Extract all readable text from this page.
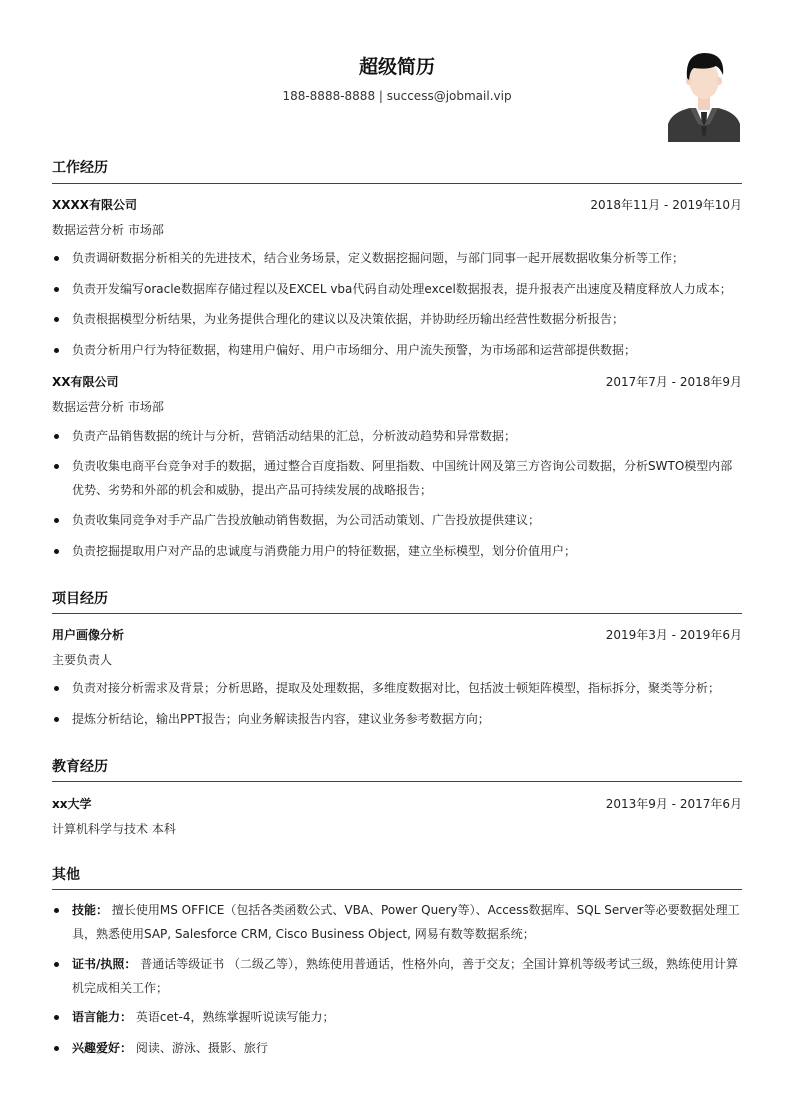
超级简历
188-8888-8888 | success@jobmail.vip
工作经历
XXXX有限公司	2018年11月 - 2019年10月
数据运营分析 市场部
负责调研数据分析相关的先进技术，结合业务场景，定义数据挖掘问题，与部门同事一起开展数据收集分析等工作；
负责开发编写oracle数据库存储过程以及EXCEL vba代码自动处理excel数据报表，提升报表产出速度及精度释放人力成本；
负责根据模型分析结果，为业务提供合理化的建议以及决策依据，并协助经历输出经营性数据分析报告；
负责分析用户行为特征数据，构建用户偏好、用户市场细分、用户流失预警，为市场部和运营部提供数据；
XX有限公司	2017年7月 - 2018年9月
数据运营分析 市场部
负责产品销售数据的统计与分析，营销活动结果的汇总，分析波动趋势和异常数据；
负责收集电商平台竞争对手的数据，通过整合百度指数、阿里指数、中国统计网及第三方咨询公司数据，分析SWTO模型内部优势、劣势和外部的机会和威胁，提出产品可持续发展的战略报告；
负责收集同竞争对手产品广告投放触动销售数据，为公司活动策划、广告投放提供建议；
负责挖掘提取用户对产品的忠诚度与消费能力用户的特征数据，建立坐标模型，划分价值用户；
项目经历
用户画像分析	2019年3月 - 2019年6月
主要负责人
负责对接分析需求及背景；分析思路，提取及处理数据，多维度数据对比，包括波士顿矩阵模型，指标拆分，聚类等分析；
提炼分析结论，输出PPT报告；向业务解读报告内容，建议业务参考数据方向；
教育经历
xx大学	2013年9月 - 2017年6月
计算机科学与技术 本科
其他
技能： 擅长使用MS OFFICE（包括各类函数公式、VBA、Power Query等）、Access数据库、SQL Server等必要数据处理工具，熟悉使用SAP, Salesforce CRM, Cisco Business Object, 网易有数等数据系统；
证书/执照： 普通话等级证书 （二级乙等），熟练使用普通话，性格外向，善于交友；全国计算机等级考试三级，熟练使用计算机完成相关工作；
语言能力： 英语cet-4，熟练掌握听说读写能力；
兴趣爱好： 阅读、游泳、摄影、旅行
